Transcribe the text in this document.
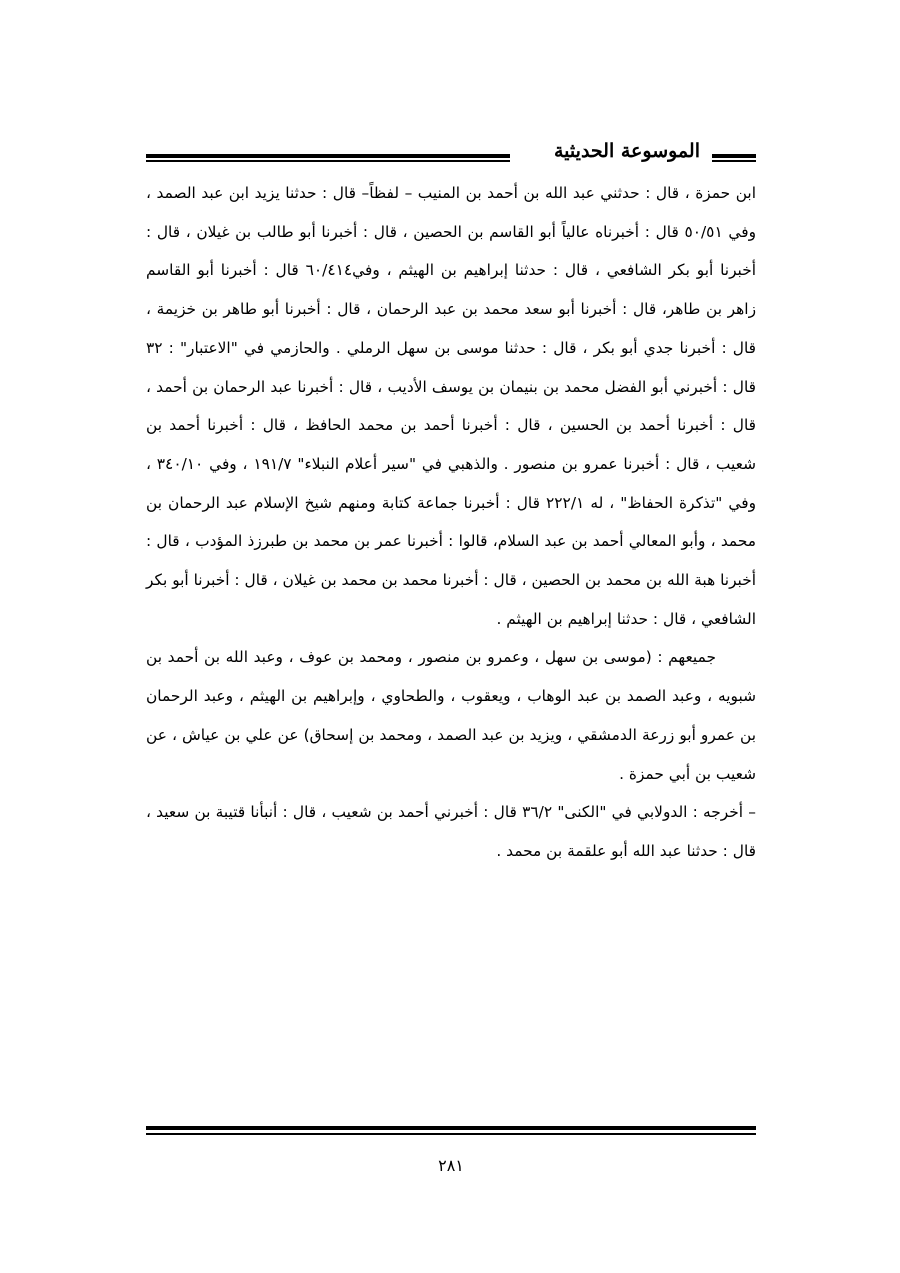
الموسوعة الحديثية

ابن حمزة ، قال : حدثني عبد الله بن أحمد بن المنيب – لفظاً– قال : حدثنا يزيد ابن عبد الصمد ، وفي ٥٠/٥١ قال : أخبرناه عالياً أبو القاسم بن الحصين ، قال : أخبرنا أبو طالب بن غيلان ، قال : أخبرنا أبو بكر الشافعي ، قال : حدثنا إبراهيم بن الهيثم ، وفي٦٠/٤١٤ قال : أخبرنا أبو القاسم زاهر بن طاهر، قال : أخبرنا أبو سعد محمد بن عبد الرحمان ، قال : أخبرنا أبو طاهر بن خزيمة ، قال : أخبرنا جدي أبو بكر ، قال : حدثنا موسى بن سهل الرملي . والحازمي في "الاعتبار" : ٣٢ قال : أخبرني أبو الفضل محمد بن بنيمان بن يوسف الأديب ، قال : أخبرنا عبد الرحمان بن أحمد ، قال : أخبرنا أحمد بن الحسين ، قال : أخبرنا أحمد بن محمد الحافظ ، قال : أخبرنا أحمد بن شعيب ، قال : أخبرنا عمرو بن منصور . والذهبي في "سير أعلام النبلاء" ١٩١/٧ ، وفي ٣٤٠/١٠ ، وفي "تذكرة الحفاظ" ، له ٢٢٢/١ قال : أخبرنا جماعة كتابة ومنهم شيخ الإسلام عبد الرحمان بن محمد ، وأبو المعالي أحمد بن عبد السلام، قالوا : أخبرنا عمر بن محمد بن طبرزذ المؤدب ، قال : أخبرنا هبة الله بن محمد بن الحصين ، قال : أخبرنا محمد بن محمد بن غيلان ، قال : أخبرنا أبو بكر الشافعي ، قال : حدثنا إبراهيم بن الهيثم .

جميعهم : (موسى بن سهل ، وعمرو بن منصور ، ومحمد بن عوف ، وعبد الله بن أحمد بن شبويه ، وعبد الصمد بن عبد الوهاب ، ويعقوب ، والطحاوي ، وإبراهيم بن الهيثم ، وعبد الرحمان بن عمرو أبو زرعة الدمشقي ، ويزيد بن عبد الصمد ، ومحمد بن إسحاق) عن علي بن عياش ، عن شعيب بن أبي حمزة .

– أخرجه : الدولابي في "الكنى" ٣٦/٢ قال : أخبرني أحمد بن شعيب ، قال : أنبأنا قتيبة بن سعيد ، قال : حدثنا عبد الله أبو علقمة بن محمد .

٢٨١
